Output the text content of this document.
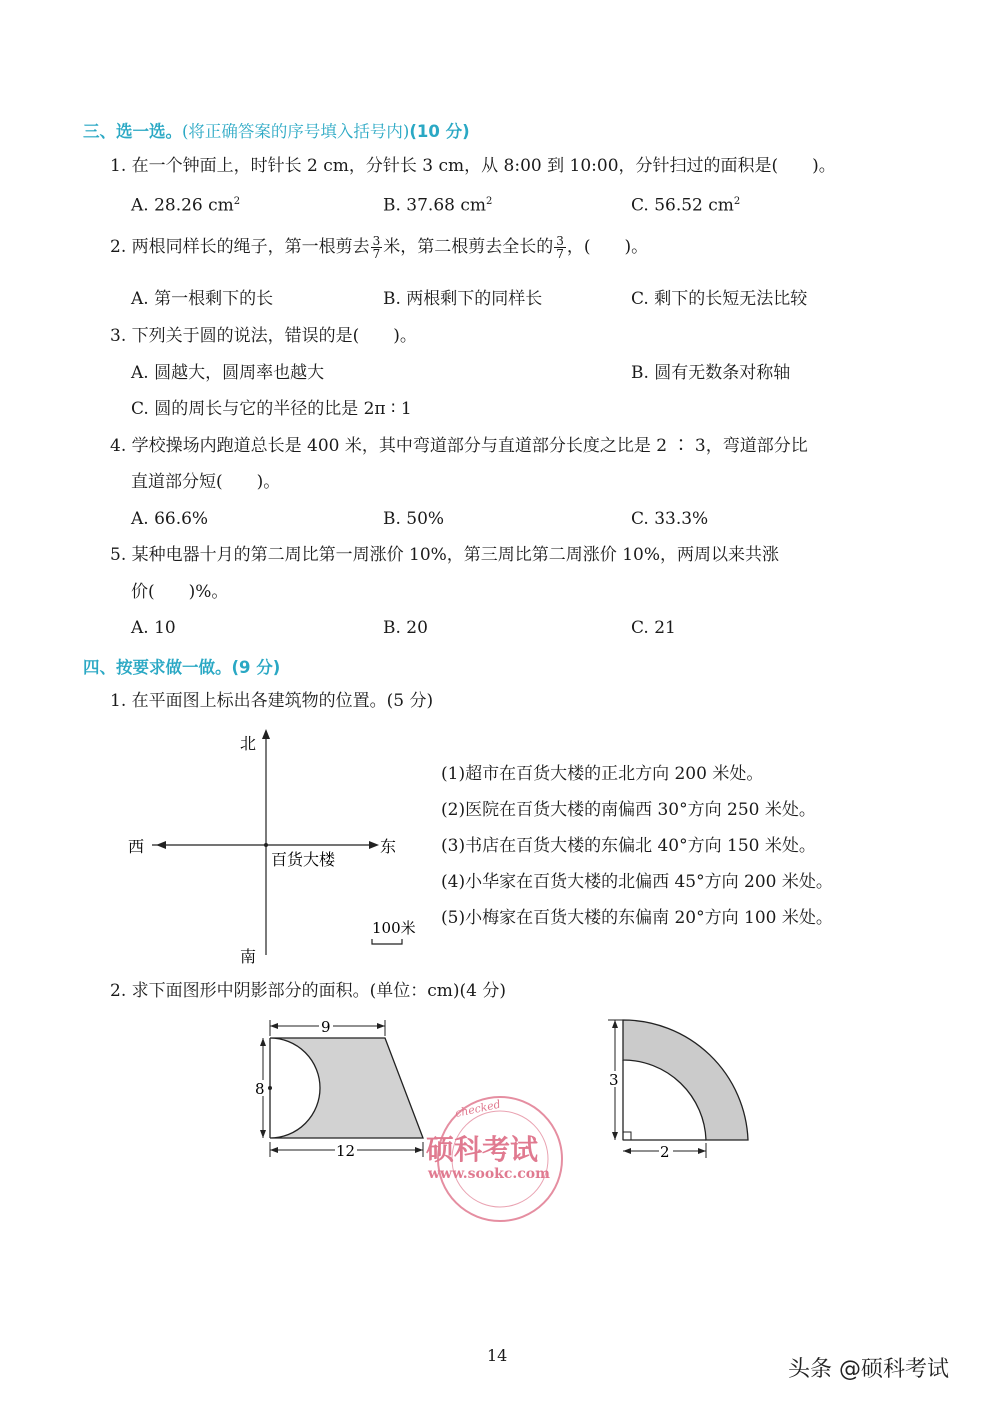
三、选一选。(将正确答案的序号填入括号内)(10 分)
1. 在一个钟面上，时针长 2 cm，分针长 3 cm，从 8:00 到 10:00，分针扫过的面积是(　　)。
A. 28.26 $cm^2$	B. 37.68 $cm^2$	C. 56.52 $cm^2$
2. 两根同样长的绳子，第一根剪去 $\frac{3}{7}$ 米，第二根剪去全长的 $\frac{3}{7}$ ，(　　)。
A. 第一根剩下的长	B. 两根剩下的同样长	C. 剩下的长短无法比较
3. 下列关于圆的说法，错误的是(　　)。
A. 圆越大，圆周率也越大	B. 圆有无数条对称轴
C. 圆的周长与它的半径的比是 2π ∶ 1
4. 学校操场内跑道总长是 400 米，其中弯道部分与直道部分长度之比是 2 ∶ 3，弯道部分比
直道部分短(　　)。
A. 66.6%	B. 50%	C. 33.3%
5. 某种电器十月的第二周比第一周涨价 10%，第三周比第二周涨价 10%，两周以来共涨
价(　　)%。
A. 10	B. 20	C. 21
四、按要求做一做。(9 分)
1. 在平面图上标出各建筑物的位置。(5 分)
北
南
西	东
百货大楼
100米
(1)超市在百货大楼的正北方向 200 米处。
(2)医院在百货大楼的南偏西 30°方向 250 米处。
(3)书店在百货大楼的东偏北 40°方向 150 米处。
(4)小华家在百货大楼的北偏西 45°方向 200 米处。
(5)小梅家在百货大楼的东偏南 20°方向 100 米处。
2. 求下面图形中阴影部分的面积。(单位：cm)(4 分)
9
8
12
3
2
checked
硕科考试
www.sookc.com
14
头条 @硕科考试
